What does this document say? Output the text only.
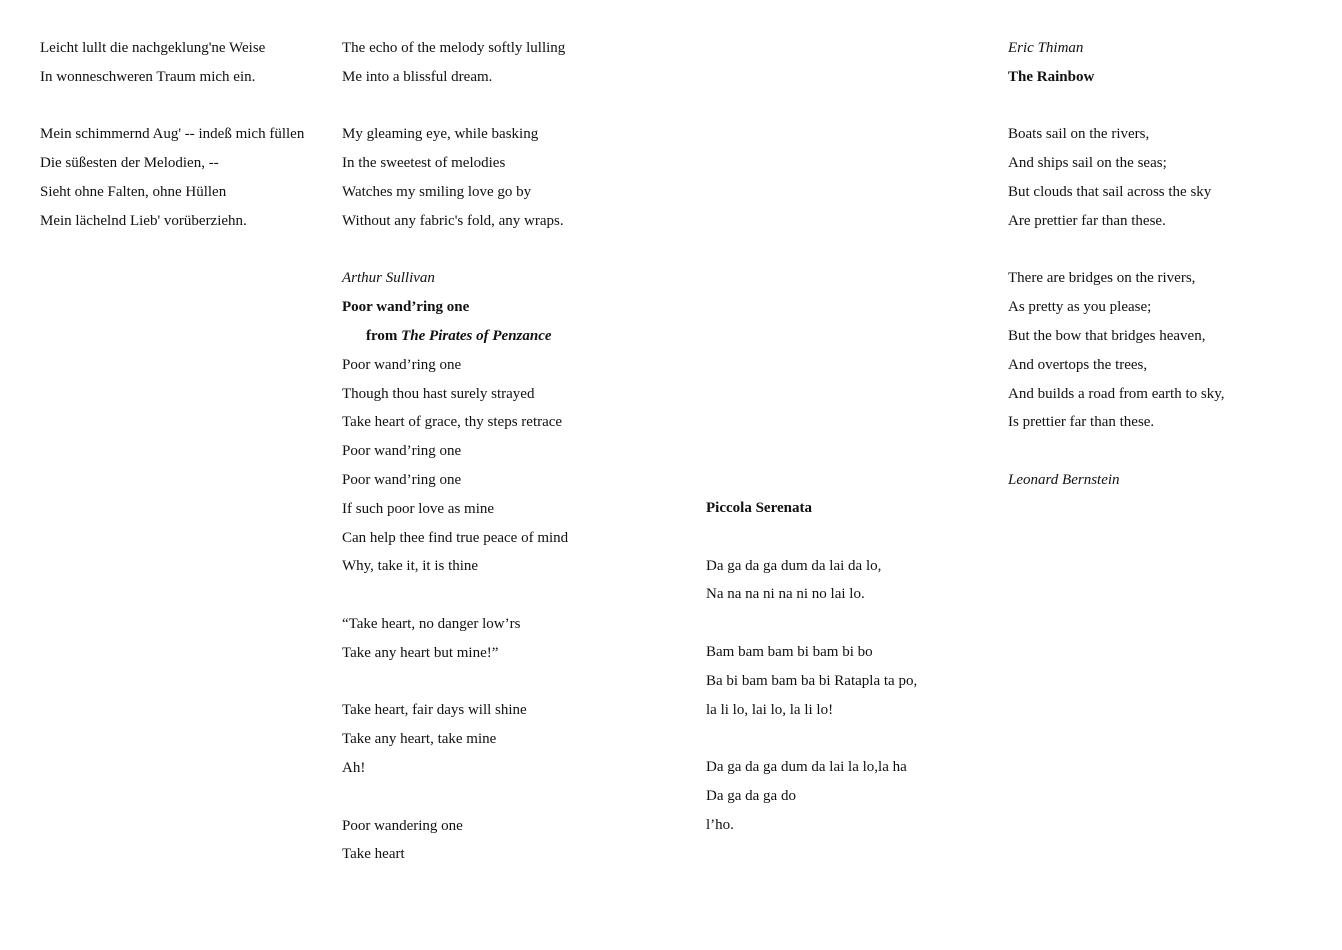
Leicht lullt die nachgeklung'ne Weise
In wonneschweren Traum mich ein.
Mein schimmernd Aug' -- indeß mich füllen
Die süßesten der Melodien, --
Sieht ohne Falten, ohne Hüllen
Mein lächelnd Lieb' vorüberziehn.
The echo of the melody softly lulling
Me into a blissful dream.
My gleaming eye, while basking
In the sweetest of melodies
Watches my smiling love go by
Without any fabric's fold, any wraps.
Arthur Sullivan
Poor wand’ring one
from The Pirates of Penzance
Poor wand’ring one
Though thou hast surely strayed
Take heart of grace, thy steps retrace
Poor wand’ring one
Poor wand’ring one
If such poor love as mine
Can help thee find true peace of mind
Why, take it, it is thine
“Take heart, no danger low’rs
Take any heart but mine!”
Take heart, fair days will shine
Take any heart, take mine
Ah!
Poor wandering one
Take heart
Piccola Serenata
Da ga da ga dum da lai da lo,
Na na na ni na ni no lai lo.
Bam bam bam bi bam bi bo
Ba bi bam bam ba bi Ratapla ta po,
la li lo, lai lo, la li lo!
Da ga da ga dum da lai la lo,la ha
Da ga da ga do
l’ho.
Eric Thiman
The Rainbow
Boats sail on the rivers,
And ships sail on the seas;
But clouds that sail across the sky
Are prettier far than these.
There are bridges on the rivers,
As pretty as you please;
But the bow that bridges heaven,
And overtops the trees,
And builds a road from earth to sky,
Is prettier far than these.
Leonard Bernstein
